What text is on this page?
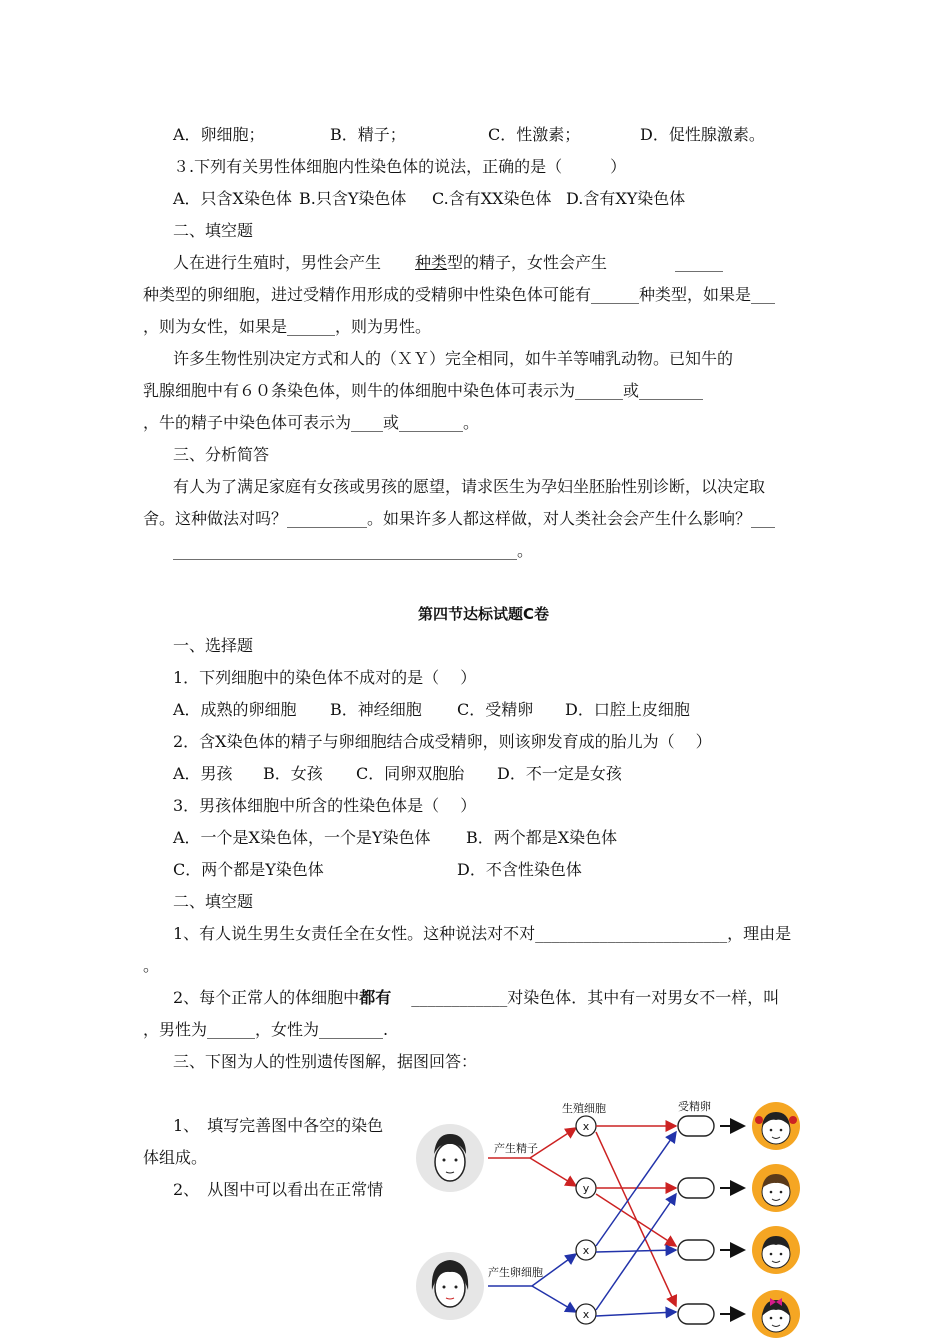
A．卵细胞；	B．精子；	C．性激素；	D．促性腺激素。
３.下列有关男性体细胞内性染色体的说法，正确的是（　　　）
A．只含X染色体 B.只含Y染色体 C.含有XX染色体 D.含有XY染色体
二、填空题
人在进行生殖时，男性会产生 种类型的精子，女性会产生	______
种类型的卵细胞，进过受精作用形成的受精卵中性染色体可能有______种类型，如果是___
，则为女性，如果是______，则为男性。
许多生物性别决定方式和人的（ＸＹ）完全相同，如牛羊等哺乳动物。已知牛的
乳腺细胞中有６０条染色体，则牛的体细胞中染色体可表示为______或________
，牛的精子中染色体可表示为____或________。
三、分析简答
有人为了满足家庭有女孩或男孩的愿望，请求医生为孕妇坐胚胎性别诊断，以决定取
舍。这种做法对吗？__________。如果许多人都这样做，对人类社会会产生什么影响？___
___________________________________________。
第四节达标试题C卷
一、选择题
1．下列细胞中的染色体不成对的是（　 ）
A．成熟的卵细胞 B．神经细胞 C．受精卵 D．口腔上皮细胞
2．含X染色体的精子与卵细胞结合成受精卵，则该卵发育成的胎儿为（　 ）
A．男孩 B．女孩 C．同卵双胞胎 D．不一定是女孩
3．男孩体细胞中所含的性染色体是（　 ）
A．一个是X染色体，一个是Y染色体 B．两个都是X染色体
C．两个都是Y染色体	D．不含性染色体
二、填空题
1、有人说生男生女责任全在女性。这种说法对不对________________________，理由是
。
2、每个正常人的体细胞中都有 ____________对染色体．其中有一对男女不一样，叫
，男性为______，女性为________.
三、下图为人的性别遗传图解，据图回答：
1、　填写完善图中各空的染色
体组成。
2、　从图中可以看出在正常情
生殖细胞	受精卵
产生精子
产生卵细胞
x
y
x
x
